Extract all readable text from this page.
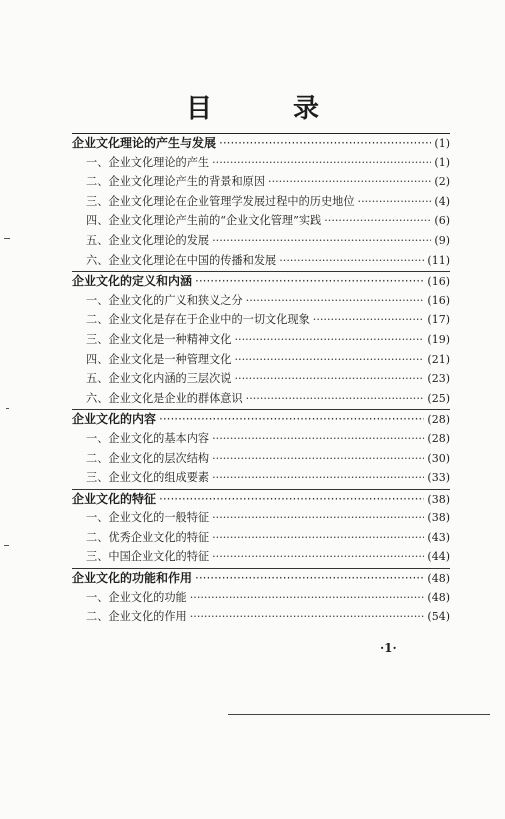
目 录
企业文化理论的产生与发展 ·····	(1)
一、企业文化理论的产生 ·····	(1)
二、企业文化理论产生的背景和原因 ·····	(2)
三、企业文化理论在企业管理学发展过程中的历史地位 ·····	(4)
四、企业文化理论产生前的“企业文化管理”实践 ·····	(6)
五、企业文化理论的发展 ·····	(9)
六、企业文化理论在中国的传播和发展 ·····	(11)
企业文化的定义和内涵 ·····	(16)
一、企业文化的广义和狭义之分 ·····	(16)
二、企业文化是存在于企业中的一切文化现象 ·····	(17)
三、企业文化是一种精神文化 ·····	(19)
四、企业文化是一种管理文化 ·····	(21)
五、企业文化内涵的三层次说 ·····	(23)
六、企业文化是企业的群体意识 ·····	(25)
企业文化的内容 ·····	(28)
一、企业文化的基本内容 ·····	(28)
二、企业文化的层次结构 ·····	(30)
三、企业文化的组成要素 ·····	(33)
企业文化的特征 ·····	(38)
一、企业文化的一般特征 ·····	(38)
二、优秀企业文化的特征 ·····	(43)
三、中国企业文化的特征 ·····	(44)
企业文化的功能和作用 ·····	(48)
一、企业文化的功能 ·····	(48)
二、企业文化的作用 ·····	(54)
·1·
